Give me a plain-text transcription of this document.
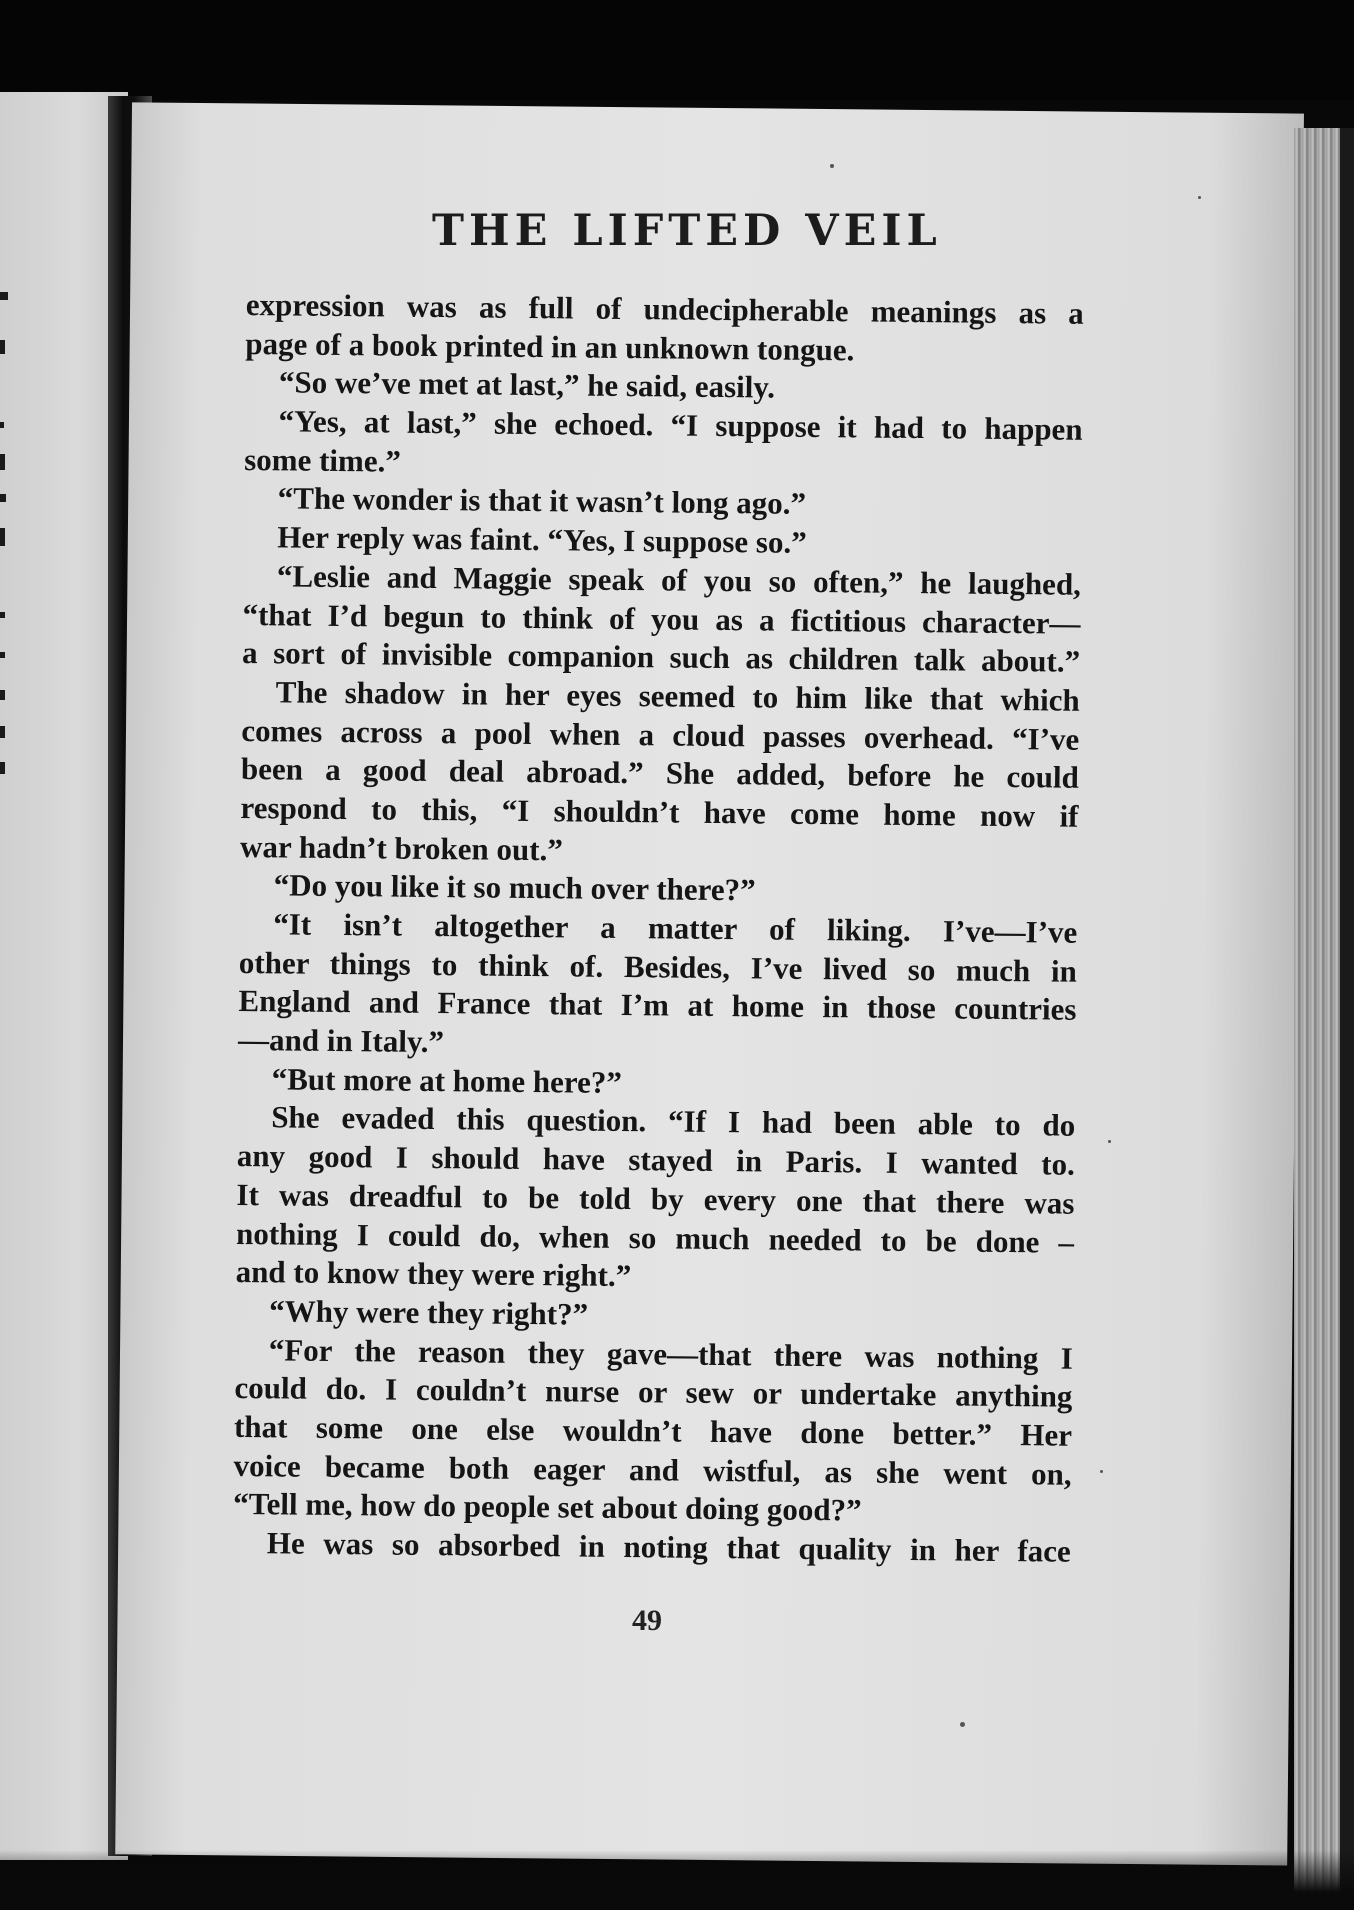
THE LIFTED VEIL
expression was as full of undecipherable meanings as a
page of a book printed in an unknown tongue.
“So we’ve met at last,” he said, easily.
“Yes, at last,” she echoed. “I suppose it had to happen
some time.”
“The wonder is that it wasn’t long ago.”
Her reply was faint. “Yes, I suppose so.”
“Leslie and Maggie speak of you so often,” he laughed,
“that I’d begun to think of you as a fictitious character—
a sort of invisible companion such as children talk about.”
The shadow in her eyes seemed to him like that which
comes across a pool when a cloud passes overhead. “I’ve
been a good deal abroad.” She added, before he could
respond to this, “I shouldn’t have come home now if
war hadn’t broken out.”
“Do you like it so much over there?”
“It isn’t altogether a matter of liking. I’ve—I’ve
other things to think of. Besides, I’ve lived so much in
England and France that I’m at home in those countries
—and in Italy.”
“But more at home here?”
She evaded this question. “If I had been able to do
any good I should have stayed in Paris. I wanted to.
It was dreadful to be told by every one that there was
nothing I could do, when so much needed to be done –
and to know they were right.”
“Why were they right?”
“For the reason they gave—that there was nothing I
could do. I couldn’t nurse or sew or undertake anything
that some one else wouldn’t have done better.” Her
voice became both eager and wistful, as she went on,
“Tell me, how do people set about doing good?”
He was so absorbed in noting that quality in her face
49
